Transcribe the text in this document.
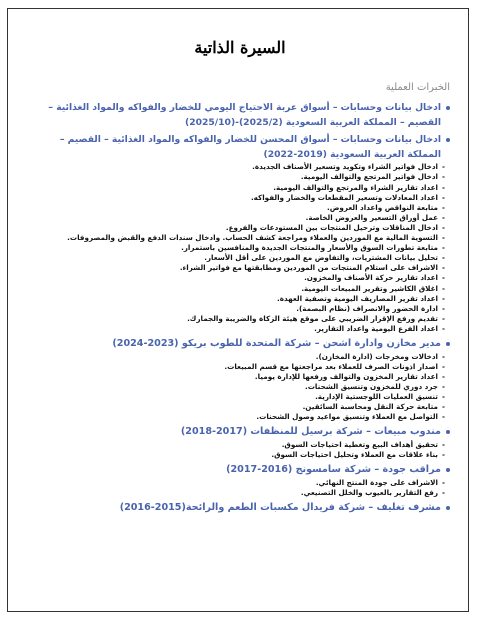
السيرة الذاتية
الخبرات العملية
ادخال بيانات وحسابات – أسواق عربة الاحتياج اليومي للخضار والفواكه والمواد الغذائية – القصيم – المملكة العربية السعودية (2025/2)-(2025/10)
ادخال بيانات وحسابات – أسواق المحسن للخضار والفواكه والمواد الغذائية – القصيم – المملكة العربية السعودية (2019-2022)
-
ادخال فواتير الشراء وتكويد وتسعير الأصناف الجديدة.
-
ادخال فواتير المرتجع والتوالف اليومية.
-
اعداد تقارير الشراء والمرتجع والتوالف اليومية.
-
اعداد المعادلات وتسعير المقطعات والخضار والفواكه.
-
متابعة النواقص واعداد العروض.
-
عمل أوراق التسعير والعروض الخاصة.
-
ادخال المناقلات وترحيل المنتجات بين المستودعات والفروع.
-
التسوية المالية مع الموردين والعملاء ومراجعة كشف الحساب. وادخال سندات الدفع والقبض والمصروفات.
-
متابعة تطورات السوق والأسعار والمنتجات الجديدة والمنافسين باستمرار.
-
تحليل بيانات المشتريات، والتفاوض مع الموردين على أقل الأسعار.
-
الاشراف على استلام المنتجات من الموردين ومطابقتها مع فواتير الشراء.
-
اعداد تقارير حركة الأصناف والمخزون.
-
اغلاق الكاشير وتقرير المبيعات اليومية.
-
اعداد تقرير المصاريف اليومية وتصفية العهدة.
-
ادارة الحضور والانصراف (نظام البصمة).
-
تقديم ورفع الإقرار الضريبي على موقع هيئة الزكاة والضريبة والجمارك.
-
اعداد الفرع اليومية واعداد التقارير.
مدير مخازن وادارة اشحن – شركة المتحدة للطوب بريكو (2023-2024)
-
ادخالات ومخرجات (ادارة المخازن).
-
اصدار اذونات الصرف للعملاء بعد مراجعتها مع قسم المبيعات.
-
اعداد تقارير المخزون والتوالف ورفعها للإدارة يوميا.
-
جرد دوري للمخزون وتنسيق الشحنات.
-
تنسيق العمليات اللوجستية الإدارية.
-
متابعة حركة النقل ومحاسبة السائقين.
-
التواصل مع العملاء وتنسيق مواعيد وصول الشحنات.
مندوب مبيعات – شركة برسيل للمنظفات (2017-2018)
-
تحقيق أهداف البيع وتغطية احتياجات السوق.
-
بناء علاقات مع العملاء وتحليل احتياجات السوق.
مراقب جودة – شركة سامسونج (2016-2017)
-
الاشراف على جودة المنتج النهائي.
-
رفع التقارير بالعيوب والخلل التصنيعي.
مشرف تغليف – شركة فريدال مكسبات الطعم والرائحة(2015-2016)
